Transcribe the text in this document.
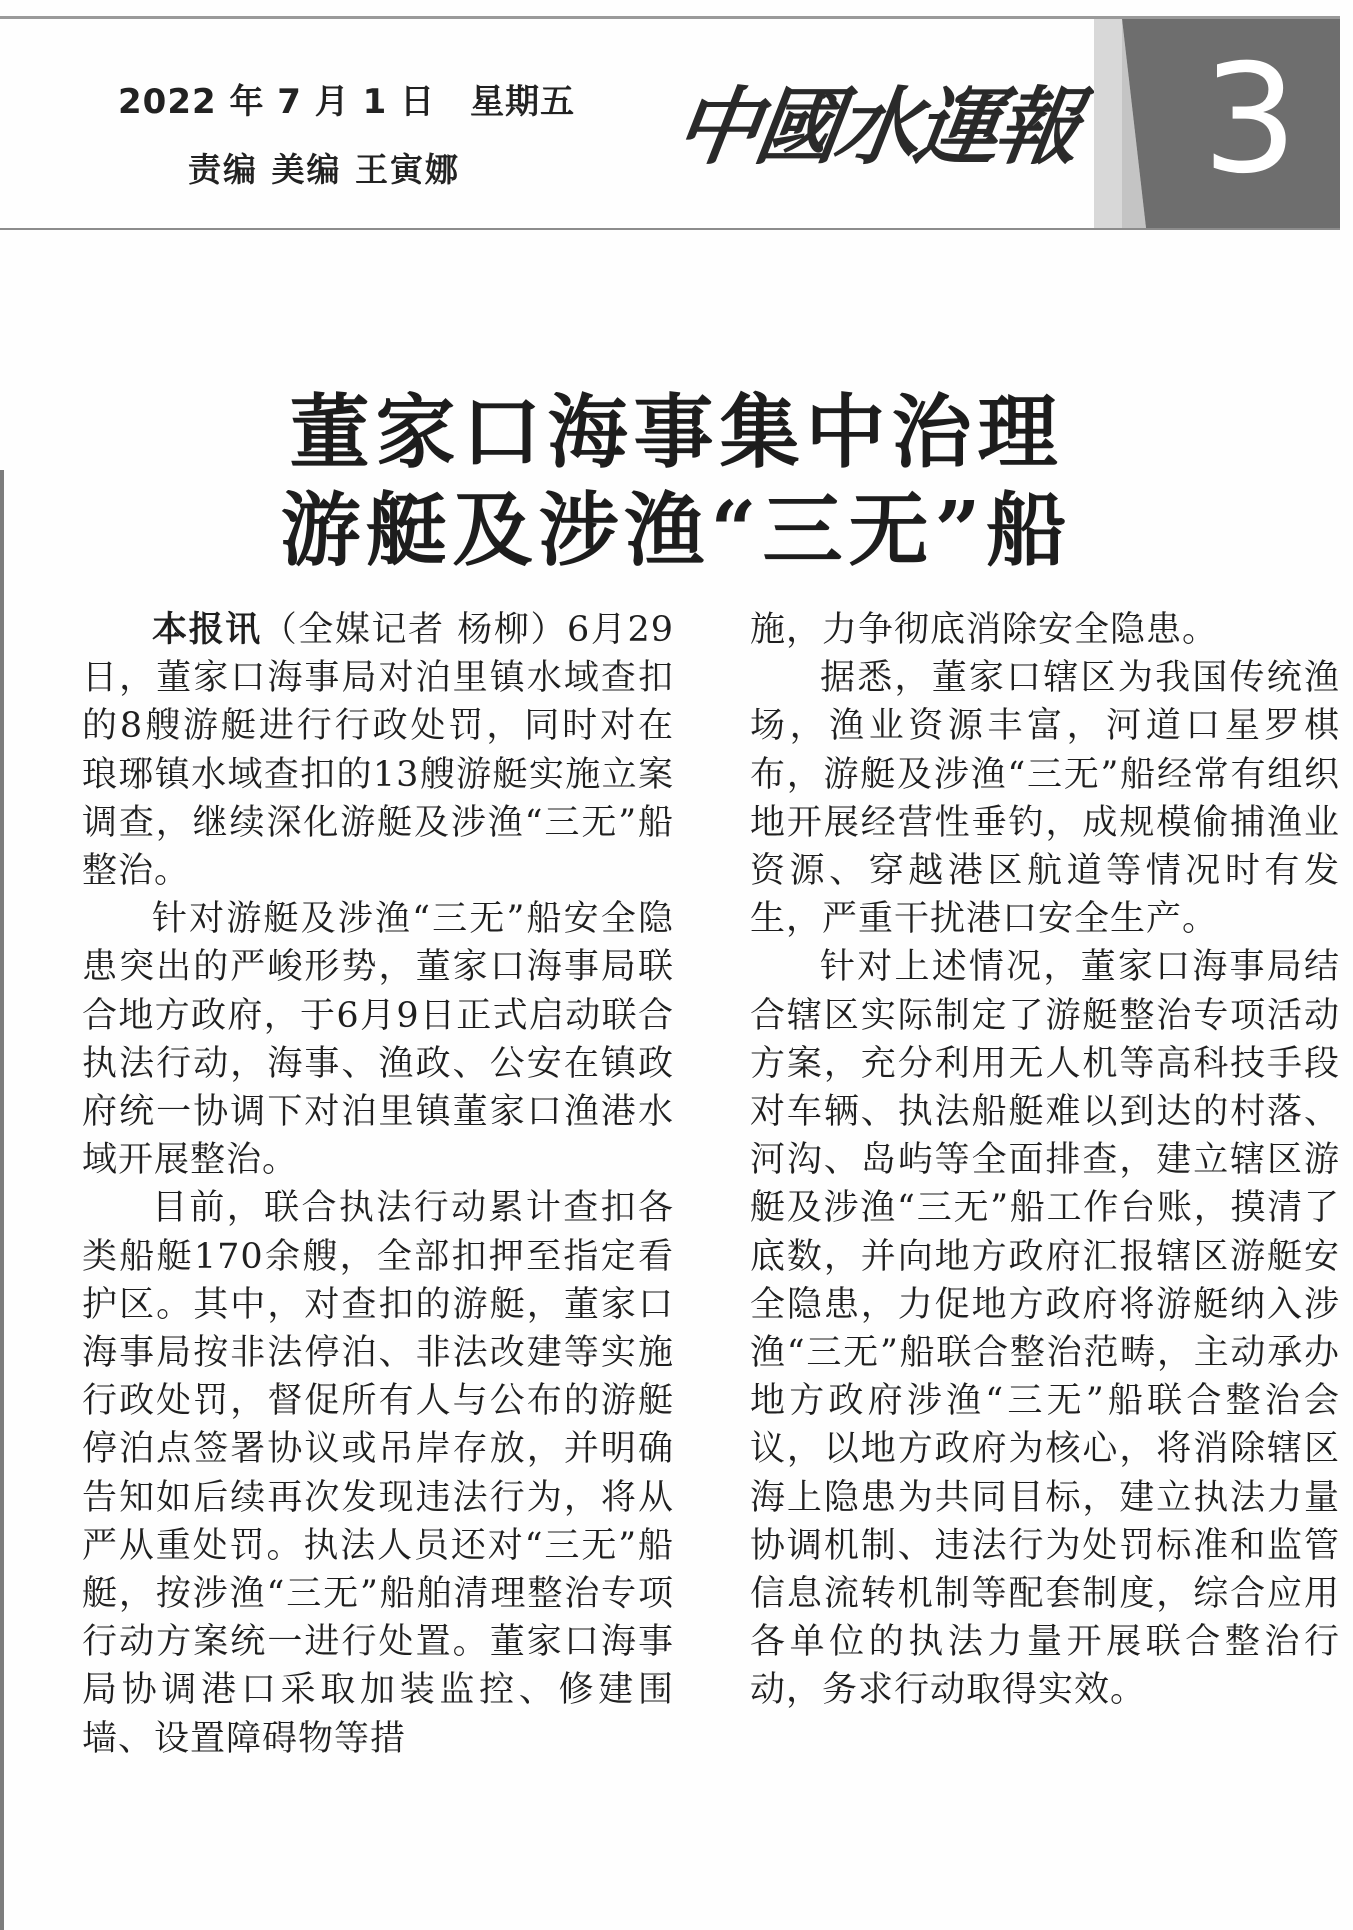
2022 年 7 月 1 日　星期五
责编 美编 王寅娜 中國水運報 3
董家口海事集中治理
游艇及涉渔“三无”船

本报讯（全媒记者 杨柳）6月29日，董家口海事局对泊里镇水域查扣的8艘游艇进行行政处罚，同时对在琅琊镇水域查扣的13艘游艇实施立案调查，继续深化游艇及涉渔“三无”船整治。

针对游艇及涉渔“三无”船安全隐患突出的严峻形势，董家口海事局联合地方政府，于6月9日正式启动联合执法行动，海事、渔政、公安在镇政府统一协调下对泊里镇董家口渔港水域开展整治。

目前，联合执法行动累计查扣各类船艇170余艘，全部扣押至指定看护区。其中，对查扣的游艇，董家口海事局按非法停泊、非法改建等实施行政处罚，督促所有人与公布的游艇停泊点签署协议或吊岸存放，并明确告知如后续再次发现违法行为，将从严从重处罚。执法人员还对“三无”船艇，按涉渔“三无”船舶清理整治专项行动方案统一进行处置。董家口海事局协调港口采取加装监控、修建围墙、设置障碍物等措

施，力争彻底消除安全隐患。

据悉，董家口辖区为我国传统渔场，渔业资源丰富，河道口星罗棋布，游艇及涉渔“三无”船经常有组织地开展经营性垂钓，成规模偷捕渔业资源、穿越港区航道等情况时有发生，严重干扰港口安全生产。

针对上述情况，董家口海事局结合辖区实际制定了游艇整治专项活动方案，充分利用无人机等高科技手段对车辆、执法船艇难以到达的村落、河沟、岛屿等全面排查，建立辖区游艇及涉渔“三无”船工作台账，摸清了底数，并向地方政府汇报辖区游艇安全隐患，力促地方政府将游艇纳入涉渔“三无”船联合整治范畴，主动承办地方政府涉渔“三无”船联合整治会议，以地方政府为核心，将消除辖区海上隐患为共同目标，建立执法力量协调机制、违法行为处罚标准和监管信息流转机制等配套制度，综合应用各单位的执法力量开展联合整治行动，务求行动取得实效。
